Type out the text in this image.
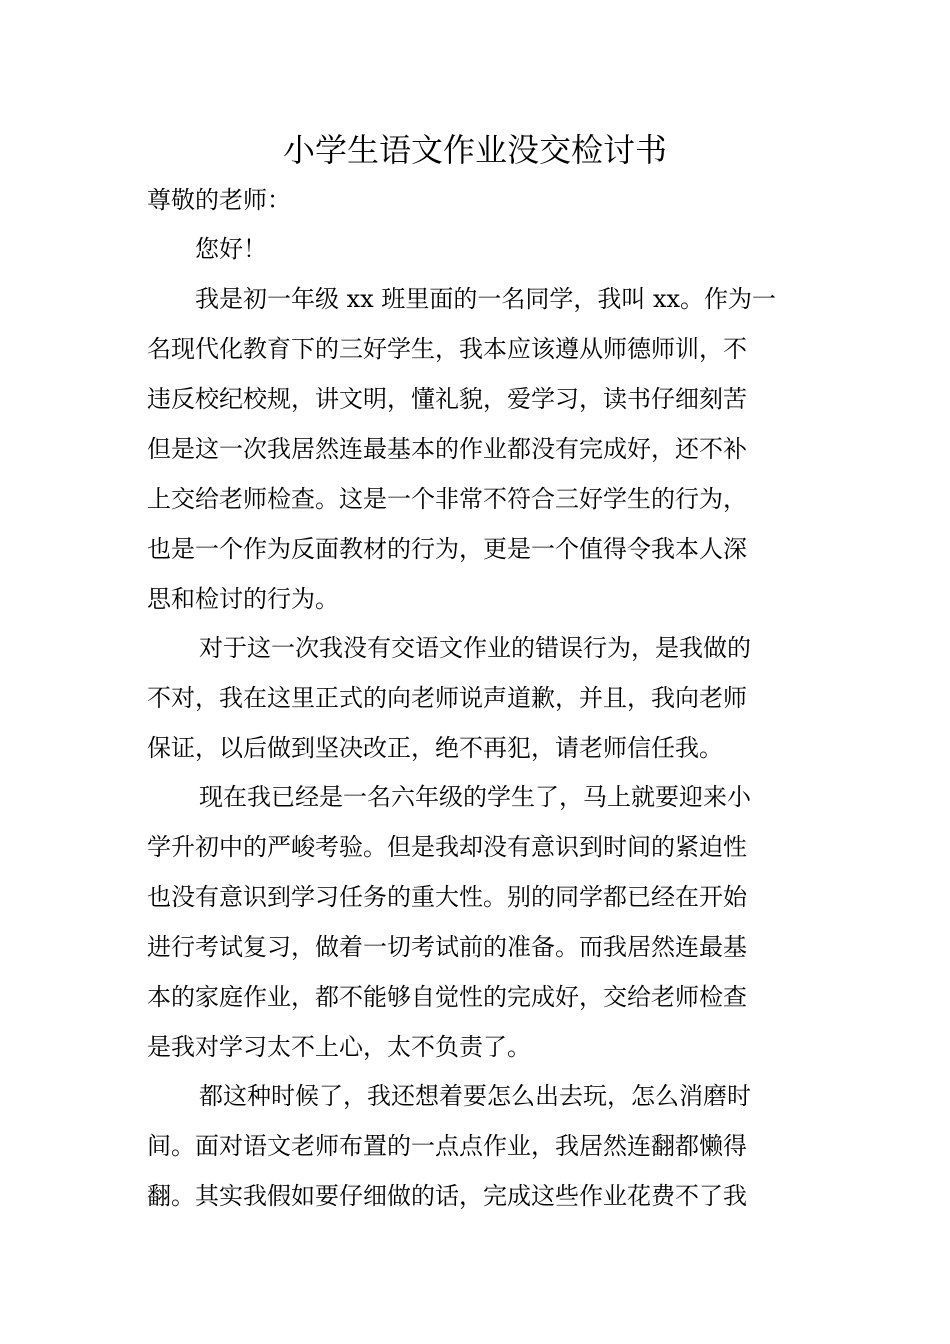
小学生语文作业没交检讨书
尊敬的老师：
您好！
我是初一年级 xx 班里面的一名同学，我叫 xx。作为一
名现代化教育下的三好学生，我本应该遵从师德师训，不
违反校纪校规，讲文明，懂礼貌，爱学习，读书仔细刻苦
但是这一次我居然连最基本的作业都没有完成好，还不补
上交给老师检查。这是一个非常不符合三好学生的行为，
也是一个作为反面教材的行为，更是一个值得令我本人深
思和检讨的行为。
对于这一次我没有交语文作业的错误行为，是我做的
不对，我在这里正式的向老师说声道歉，并且，我向老师
保证，以后做到坚决改正，绝不再犯，请老师信任我。
现在我已经是一名六年级的学生了，马上就要迎来小
学升初中的严峻考验。但是我却没有意识到时间的紧迫性
也没有意识到学习任务的重大性。别的同学都已经在开始
进行考试复习，做着一切考试前的准备。而我居然连最基
本的家庭作业，都不能够自觉性的完成好，交给老师检查
是我对学习太不上心，太不负责了。
都这种时候了，我还想着要怎么出去玩，怎么消磨时
间。面对语文老师布置的一点点作业，我居然连翻都懒得
翻。其实我假如要仔细做的话，完成这些作业花费不了我
